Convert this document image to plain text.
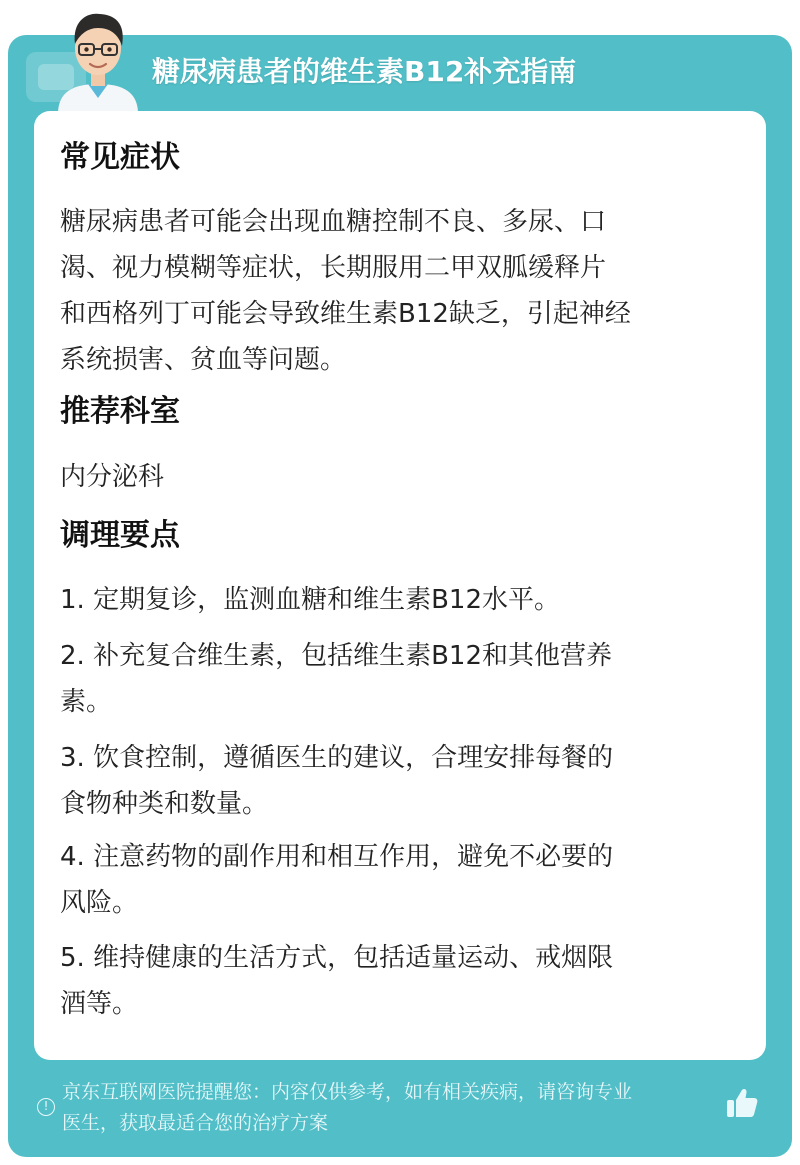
糖尿病患者的维生素B12补充指南
常见症状
糖尿病患者可能会出现血糖控制不良、多尿、口
渴、视力模糊等症状，长期服用二甲双胍缓释片
和西格列丁可能会导致维生素B12缺乏，引起神经
系统损害、贫血等问题。
推荐科室
内分泌科
调理要点
1. 定期复诊，监测血糖和维生素B12水平。
2. 补充复合维生素，包括维生素B12和其他营养
素。
3. 饮食控制，遵循医生的建议，合理安排每餐的
食物种类和数量。
4. 注意药物的副作用和相互作用，避免不必要的
风险。
5. 维持健康的生活方式，包括适量运动、戒烟限
酒等。
!
京东互联网医院提醒您：内容仅供参考，如有相关疾病，请咨询专业
医生，获取最适合您的治疗方案
